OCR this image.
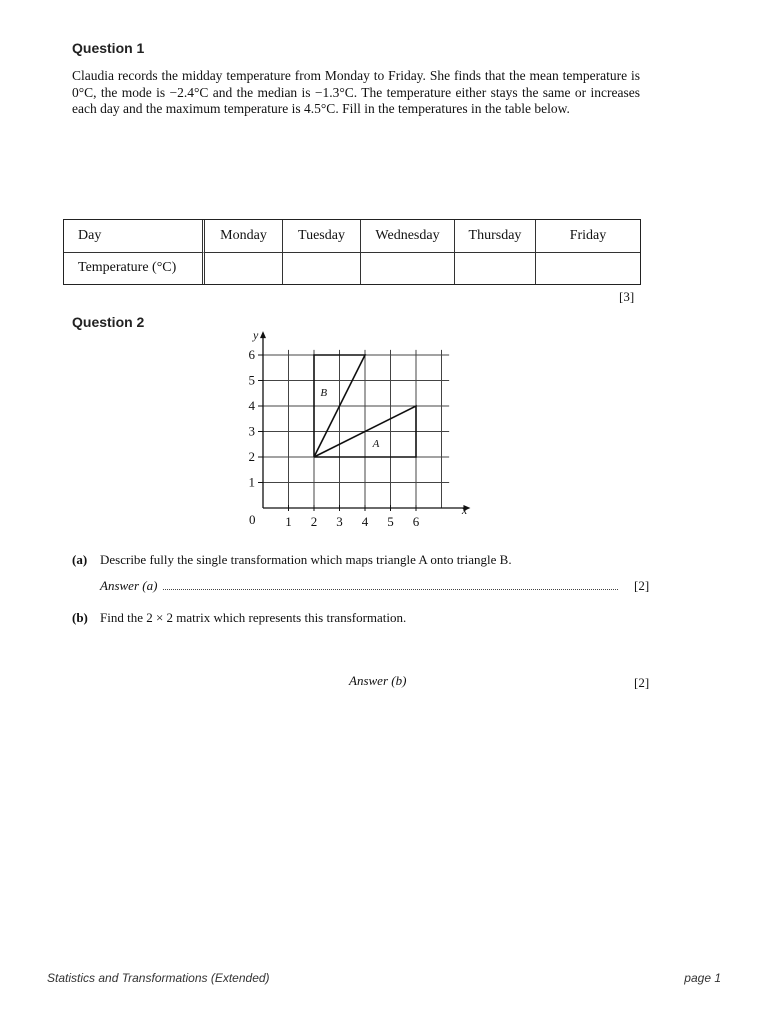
Question 1

Claudia records the midday temperature from Monday to Friday. She finds that the mean temperature is 0°C, the mode is −2.4°C and the median is −1.3°C. The temperature either stays the same or increases each day and the maximum temperature is 4.5°C. Fill in the temperatures in the table below.

Day	Monday	Tuesday	Wednesday	Thursday	Friday
Temperature (°C)					
[3]
Question 2
1 2 3 4 5 6
1
2
3
4
5
6
A
B
x
y
0
(a) Describe fully the single transformation which maps triangle A onto triangle B.
Answer (a)	[2]
(b) Find the 2 × 2 matrix which represents this transformation.
Answer (b)	[2]
Statistics and Transformations (Extended)	page 1
